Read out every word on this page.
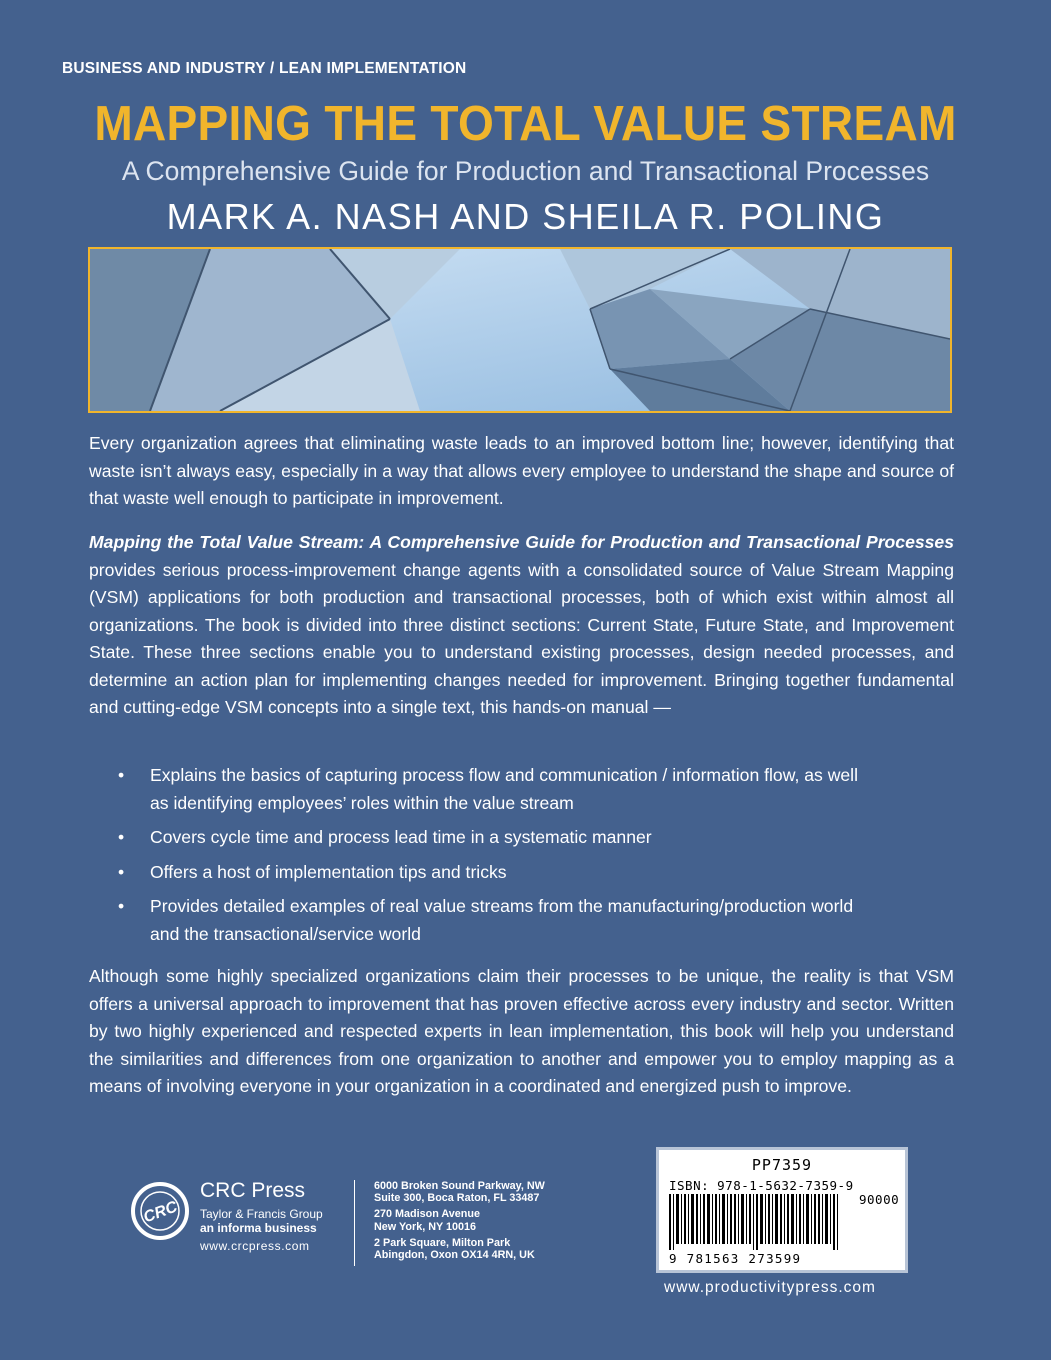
BUSINESS AND INDUSTRY / LEAN IMPLEMENTATION
MAPPING THE TOTAL VALUE STREAM
A Comprehensive Guide for Production and Transactional Processes
MARK A. NASH AND SHEILA R. POLING
Every organization agrees that eliminating waste leads to an improved bottom line; however, identifying that waste isn’t always easy, especially in a way that allows every employee to understand the shape and source of that waste well enough to participate in improvement.
Mapping the Total Value Stream: A Comprehensive Guide for Production and Transactional Processes provides serious process-improvement change agents with a consolidated source of Value Stream Mapping (VSM) applications for both production and transactional processes, both of which exist within almost all organizations. The book is divided into three distinct sections: Current State, Future State, and Improvement State. These three sections enable you to understand existing processes, design needed processes, and determine an action plan for implementing changes needed for improvement. Bringing together fundamental and cutting-edge VSM concepts into a single text, this hands-on manual —
• Explains the basics of capturing process flow and communication / information flow, as well as identifying employees’ roles within the value stream
• Covers cycle time and process lead time in a systematic manner
• Offers a host of implementation tips and tricks
• Provides detailed examples of real value streams from the manufacturing/production world and the transactional/service world
Although some highly specialized organizations claim their processes to be unique, the reality is that VSM offers a universal approach to improvement that has proven effective across every industry and sector. Written by two highly experienced and respected experts in lean implementation, this book will help you understand the similarities and differences from one organization to another and empower you to employ mapping as a means of involving everyone in your organization in a coordinated and energized push to improve.
CRC
CRC Press
Taylor & Francis Group
an informa business
www.crcpress.com
6000 Broken Sound Parkway, NW
Suite 300, Boca Raton, FL 33487
270 Madison Avenue
New York, NY 10016
2 Park Square, Milton Park
Abingdon, Oxon OX14 4RN, UK
PP7359
ISBN: 978-1-5632-7359-9
90000
9 781563 273599
www.productivitypress.com
